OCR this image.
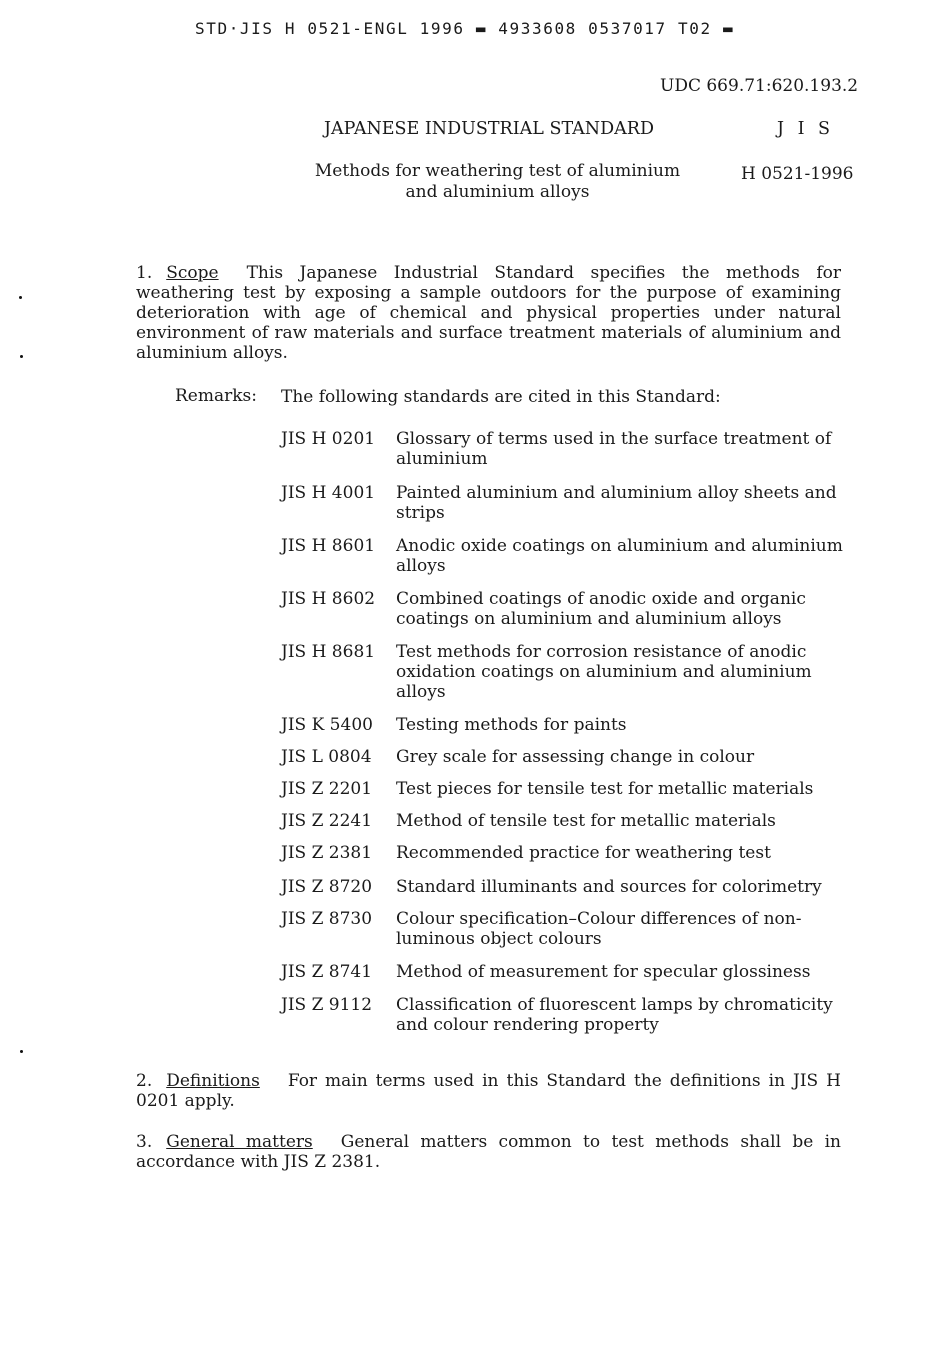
STD·JIS H 0521-ENGL 1996 ▬ 4933608 0537017 T02 ▬
UDC 669.71:620.193.2
JAPANESE INDUSTRIAL STANDARD	J I S
Methods for weathering test of aluminium and aluminium alloys
H 0521-1996
1. Scope This Japanese Industrial Standard specifies the methods for weathering test by exposing a sample outdoors for the purpose of examining deterioration with age of chemical and physical properties under natural environment of raw materials and surface treatment materials of aluminium and aluminium alloys.
Remarks: The following standards are cited in this Standard:
JIS H 0201	Glossary of terms used in the surface treatment of aluminium
JIS H 4001	Painted aluminium and aluminium alloy sheets and strips
JIS H 8601	Anodic oxide coatings on aluminium and aluminium alloys
JIS H 8602	Combined coatings of anodic oxide and organic coatings on aluminium and aluminium alloys
JIS H 8681	Test methods for corrosion resistance of anodic oxidation coatings on aluminium and aluminium alloys
JIS K 5400	Testing methods for paints
JIS L 0804	Grey scale for assessing change in colour
JIS Z 2201	Test pieces for tensile test for metallic materials
JIS Z 2241	Method of tensile test for metallic materials
JIS Z 2381	Recommended practice for weathering test
JIS Z 8720	Standard illuminants and sources for colorimetry
JIS Z 8730	Colour specification–Colour differences of non-luminous object colours
JIS Z 8741	Method of measurement for specular glossiness
JIS Z 9112	Classification of fluorescent lamps by chromaticity and colour rendering property
2. Definitions For main terms used in this Standard the definitions in JIS H 0201 apply.
3. General matters General matters common to test methods shall be in accordance with JIS Z 2381.
